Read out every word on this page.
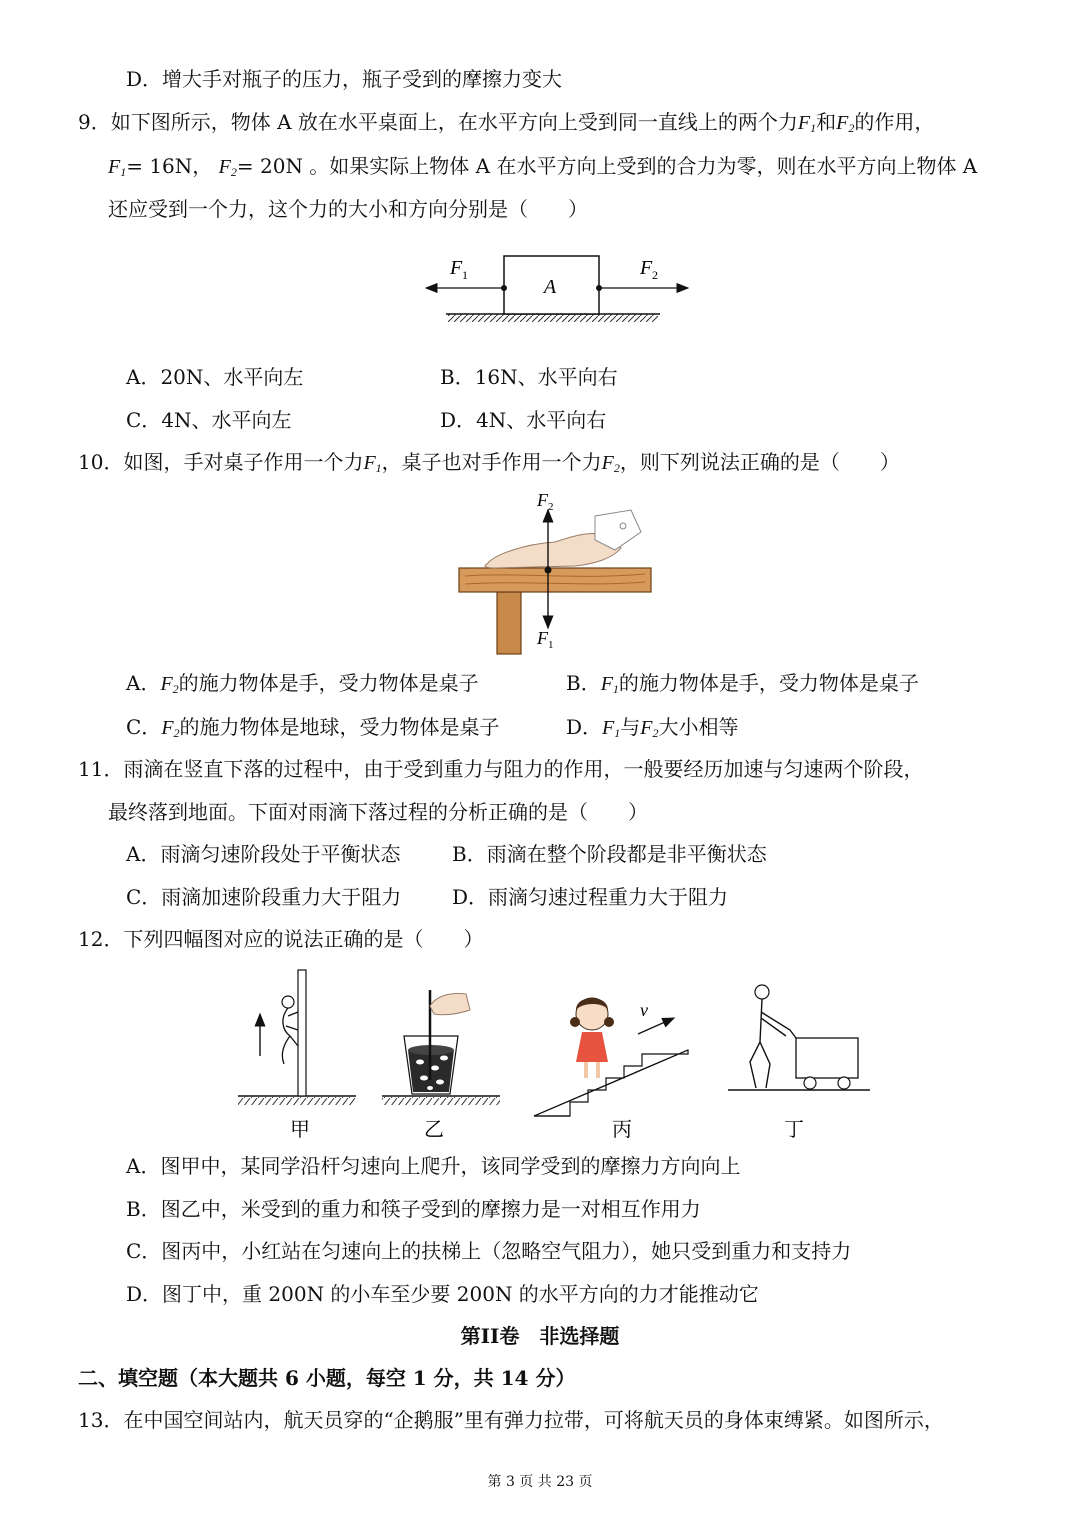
D．增大手对瓶子的压力，瓶子受到的摩擦力变大
9．如下图所示，物体 A 放在水平桌面上，在水平方向上受到同一直线上的两个力$F_1$和$F_2$的作用，
$F_1= 16N$， $F_2= 20N$ 。如果实际上物体 A 在水平方向上受到的合力为零，则在水平方向上物体 A
还应受到一个力，这个力的大小和方向分别是（　　）
A
F 1	F 2
A．20N、水平向左	B．16N、水平向右
C．4N、水平向左	D．4N、水平向右
10．如图，手对桌子作用一个力$F_1$，桌子也对手作用一个力$F_2$，则下列说法正确的是（　　）
F 2
F 1
A．$F_2$的施力物体是手，受力物体是桌子	B．$F_1$的施力物体是手，受力物体是桌子
C．$F_2$的施力物体是地球，受力物体是桌子	D．$F_1$与$F_2$大小相等
11．雨滴在竖直下落的过程中，由于受到重力与阻力的作用，一般要经历加速与匀速两个阶段，
最终落到地面。下面对雨滴下落过程的分析正确的是（　　）
A．雨滴匀速阶段处于平衡状态	B．雨滴在整个阶段都是非平衡状态
C．雨滴加速阶段重力大于阻力	D．雨滴匀速过程重力大于阻力
12．下列四幅图对应的说法正确的是（　　）
v
甲	乙	丙	丁
A．图甲中，某同学沿杆匀速向上爬升，该同学受到的摩擦力方向向上
B．图乙中，米受到的重力和筷子受到的摩擦力是一对相互作用力
C．图丙中，小红站在匀速向上的扶梯上（忽略空气阻力），她只受到重力和支持力
D．图丁中，重 200N 的小车至少要 200N 的水平方向的力才能推动它
第II卷　非选择题
二、填空题（本大题共 6 小题，每空 1 分，共 14 分）
13．在中国空间站内，航天员穿的“企鹅服”里有弹力拉带，可将航天员的身体束缚紧。如图所示，
第 3 页 共 23 页
